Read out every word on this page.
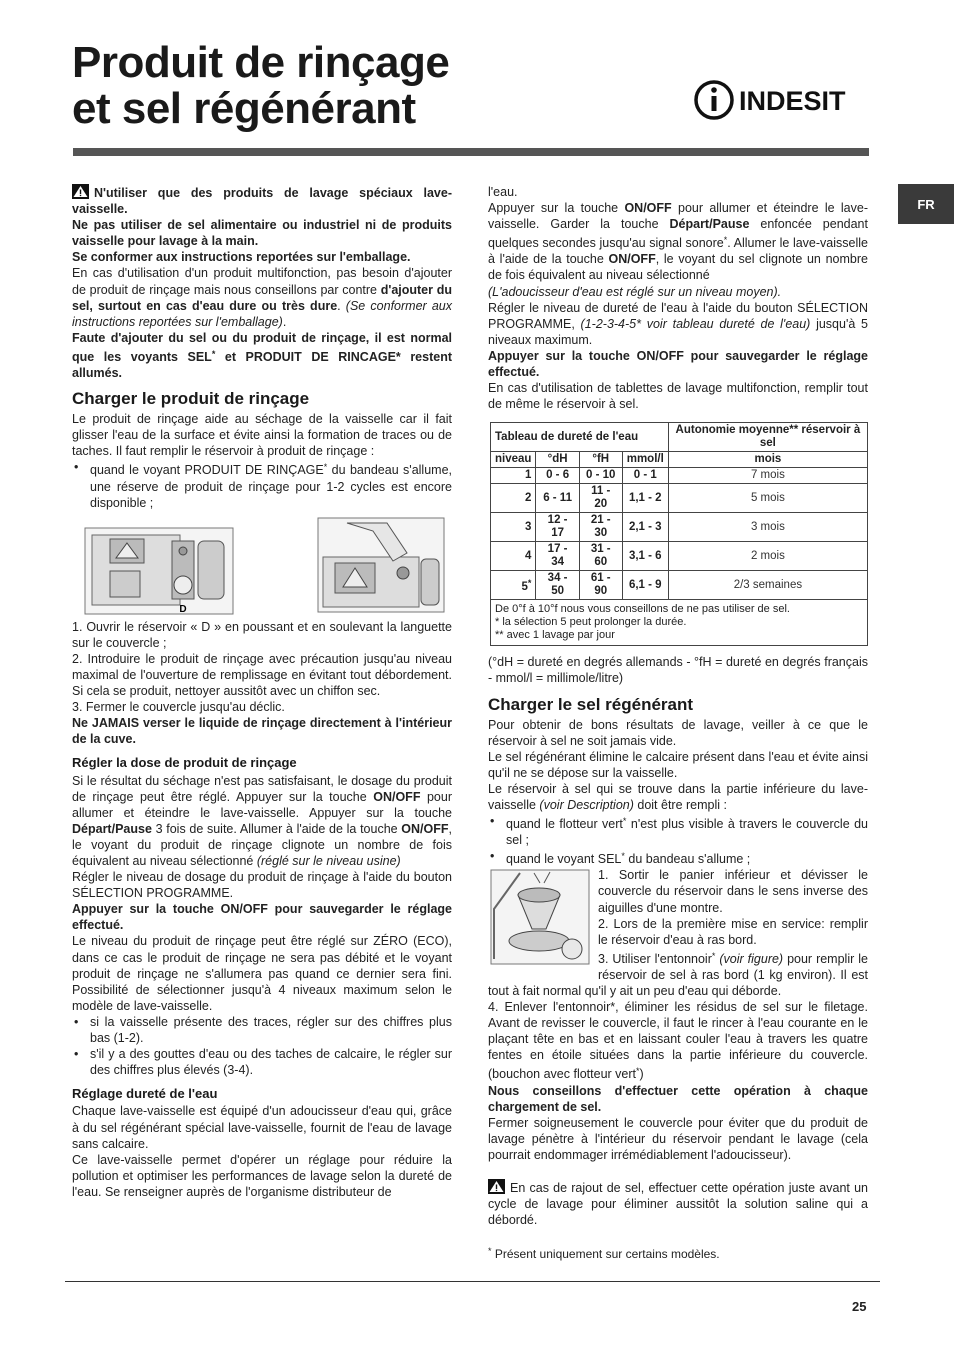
Produit de rinçage
et sel régénérant	INDESIT
FR

N'utiliser que des produits de lavage spéciaux lave-vaisselle.

Ne pas utiliser de sel alimentaire ou industriel ni de produits vaisselle pour lavage à la main.

Se conformer aux instructions reportées sur l'emballage.

En cas d'utilisation d'un produit multifonction, pas besoin d'ajouter de produit de rinçage mais nous conseillons par contre d'ajouter du sel, surtout en cas d'eau dure ou très dure. (Se conformer aux instructions reportées sur l'emballage).

Faute d'ajouter du sel ou du produit de rinçage, il est normal que les voyants SEL* et PRODUIT DE RINCAGE* restent allumés.

Charger le produit de rinçage

Le produit de rinçage aide au séchage de la vaisselle car il fait glisser l'eau de la surface et évite ainsi la formation de traces ou de taches. Il faut remplir le réservoir à produit de rinçage :

• quand le voyant PRODUIT DE RINÇAGE* du bandeau s'allume, une réserve de produit de rinçage pour 1-2 cycles est encore disponible ;
D

1. Ouvrir le réservoir « D » en poussant et en soulevant la languette sur le couvercle ;

2. Introduire le produit de rinçage avec précaution jusqu'au niveau maximal de l'ouverture de remplissage en évitant tout débordement. Si cela se produit, nettoyer aussitôt avec un chiffon sec.

3. Fermer le couvercle jusqu'au déclic.

Ne JAMAIS verser le liquide de rinçage directement à l'intérieur de la cuve.

Régler la dose de produit de rinçage

Si le résultat du séchage n'est pas satisfaisant, le dosage du produit de rinçage peut être réglé. Appuyer sur la touche ON/OFF pour allumer et éteindre le lave-vaisselle. Appuyer sur la touche Départ/Pause 3 fois de suite. Allumer à l'aide de la touche ON/OFF, le voyant du produit de rinçage clignote un nombre de fois équivalent au niveau sélectionné (réglé sur le niveau usine)

Régler le niveau de dosage du produit de rinçage à l'aide du bouton SÉLECTION PROGRAMME.

Appuyer sur la touche ON/OFF pour sauvegarder le réglage effectué.

Le niveau du produit de rinçage peut être réglé sur ZÉRO (ECO), dans ce cas le produit de rinçage ne sera pas débité et le voyant produit de rinçage ne s'allumera pas quand ce dernier sera fini. Possibilité de sélectionner jusqu'à 4 niveaux maximum selon le modèle de lave-vaisselle.

• si la vaisselle présente des traces, régler sur des chiffres plus bas (1-2).
• s'il y a des gouttes d'eau ou des taches de calcaire, le régler sur des chiffres plus élevés (3-4).
Réglage dureté de l'eau

Chaque lave-vaisselle est équipé d'un adoucisseur d'eau qui, grâce à du sel régénérant spécial lave-vaisselle, fournit de l'eau de lavage sans calcaire.

Ce lave-vaisselle permet d'opérer un réglage pour réduire la pollution et optimiser les performances de lavage selon la dureté de l'eau. Se renseigner auprès de l'organisme distributeur de

l'eau.

Appuyer sur la touche ON/OFF pour allumer et éteindre le lave-vaisselle. Garder la touche Départ/Pause enfoncée pendant quelques secondes jusqu'au signal sonore*. Allumer le lave-vaisselle à l'aide de la touche ON/OFF, le voyant du sel clignote un nombre de fois équivalent au niveau sélectionné

(L'adoucisseur d'eau est réglé sur un niveau moyen).

Régler le niveau de dureté de l'eau à l'aide du bouton SÉLECTION PROGRAMME, (1-2-3-4-5* voir tableau dureté de l'eau) jusqu'à 5 niveaux maximum.

Appuyer sur la touche ON/OFF pour sauvegarder le réglage effectué.

En cas d'utilisation de tablettes de lavage multifonction, remplir tout de même le réservoir à sel.

Tableau de dureté de l'eau				Autonomie moyenne** réservoir à sel
niveau	°dH	°fH	mmol/l	mois
1	0 - 6	0 - 10	0 - 1	7 mois
2	6 - 11	11 - 20	1,1 - 2	5 mois
3	12 - 17	21 - 30	2,1 - 3	3 mois
4	17 - 34	31 - 60	3,1 - 6	2 mois
5*	34 - 50	61 - 90	6,1 - 9	2/3 semaines

De 0°f à 10°f nous vous conseillons de ne pas utiliser de sel.
* la sélection 5 peut prolonger la durée.
** avec 1 lavage par jour				

(°dH = dureté en degrés allemands - °fH = dureté en degrés français - mmol/l = millimole/litre)

Charger le sel régénérant

Pour obtenir de bons résultats de lavage, veiller à ce que le réservoir à sel ne soit jamais vide.

Le sel régénérant élimine le calcaire présent dans l'eau et évite ainsi qu'il ne se dépose sur la vaisselle.

Le réservoir à sel qui se trouve dans la partie inférieure du lave-vaisselle (voir Description) doit être rempli :

• quand le flotteur vert* n'est plus visible à travers le couvercle du sel ;
• quand le voyant SEL* du bandeau s'allume ;

1. Sortir le panier inférieur et dévisser le couvercle du réservoir dans le sens inverse des aiguilles d'une montre.

2. Lors de la première mise en service: remplir le réservoir d'eau à ras bord.

3. Utiliser l'entonnoir* (voir figure) pour remplir le réservoir de sel à ras bord (1 kg environ). Il est tout à fait normal qu'il y ait un peu d'eau qui déborde.

4. Enlever l'entonnoir*, éliminer les résidus de sel sur le filetage. Avant de revisser le couvercle, il faut le rincer à l'eau courante en le plaçant tête en bas et en laissant couler l'eau à travers les quatre fentes en étoile situées dans la partie inférieure du couvercle. (bouchon avec flotteur vert*)

Nous conseillons d'effectuer cette opération à chaque chargement de sel.

Fermer soigneusement le couvercle pour éviter que du produit de lavage pénètre à l'intérieur du réservoir pendant le lavage (cela pourrait endommager irrémédiablement l'adoucisseur).

En cas de rajout de sel, effectuer cette opération juste avant un cycle de lavage pour éliminer aussitôt la solution saline qui a débordé.

* Présent uniquement sur certains modèles.
25
